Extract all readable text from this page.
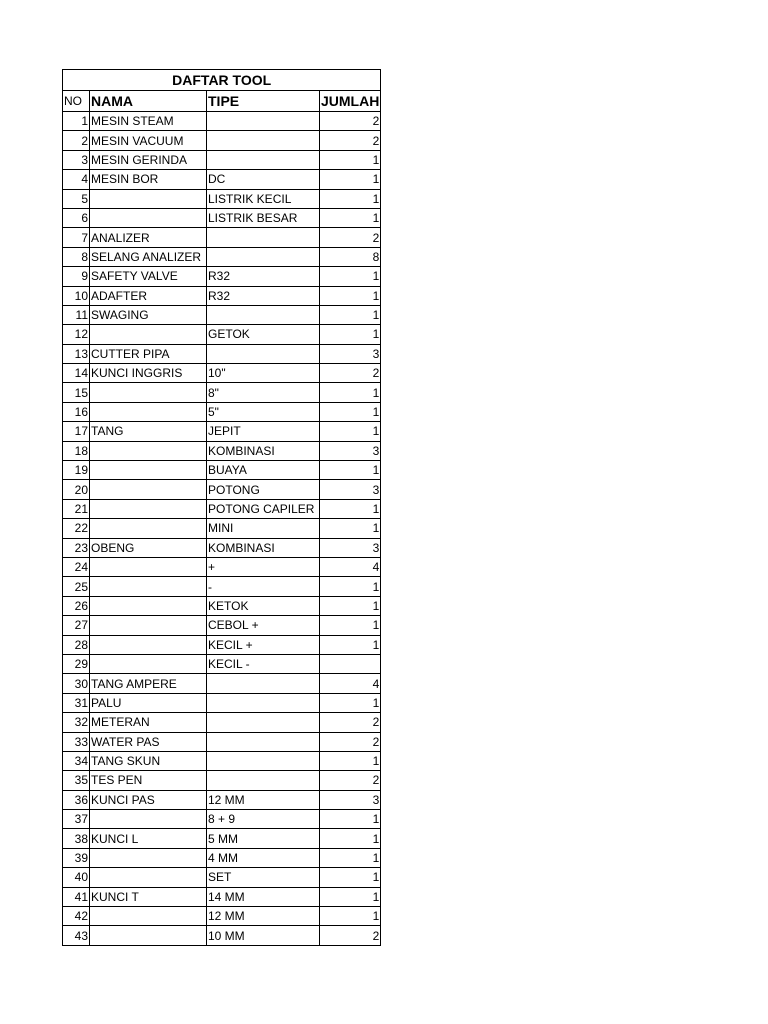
DAFTAR TOOL			
NO	NAMA	TIPE	JUMLAH
1	MESIN STEAM		2
2	MESIN VACUUM		2
3	MESIN GERINDA		1
4	MESIN BOR	DC	1
5		LISTRIK KECIL	1
6		LISTRIK BESAR	1
7	ANALIZER		2
8	SELANG ANALIZER		8
9	SAFETY VALVE	R32	1
10	ADAFTER	R32	1
11	SWAGING		1
12		GETOK	1
13	CUTTER PIPA		3
14	KUNCI INGGRIS	10"	2
15		8"	1
16		5"	1
17	TANG	JEPIT	1
18		KOMBINASI	3
19		BUAYA	1
20		POTONG	3
21		POTONG CAPILER	1
22		MINI	1
23	OBENG	KOMBINASI	3
24		+	4
25		-	1
26		KETOK	1
27		CEBOL +	1
28		KECIL +	1
29		KECIL -	
30	TANG AMPERE		4
31	PALU		1
32	METERAN		2
33	WATER PAS		2
34	TANG SKUN		1
35	TES PEN		2
36	KUNCI PAS	12 MM	3
37		8 + 9	1
38	KUNCI L	5 MM	1
39		4 MM	1
40		SET	1
41	KUNCI T	14 MM	1
42		12 MM	1
43		10 MM	2
